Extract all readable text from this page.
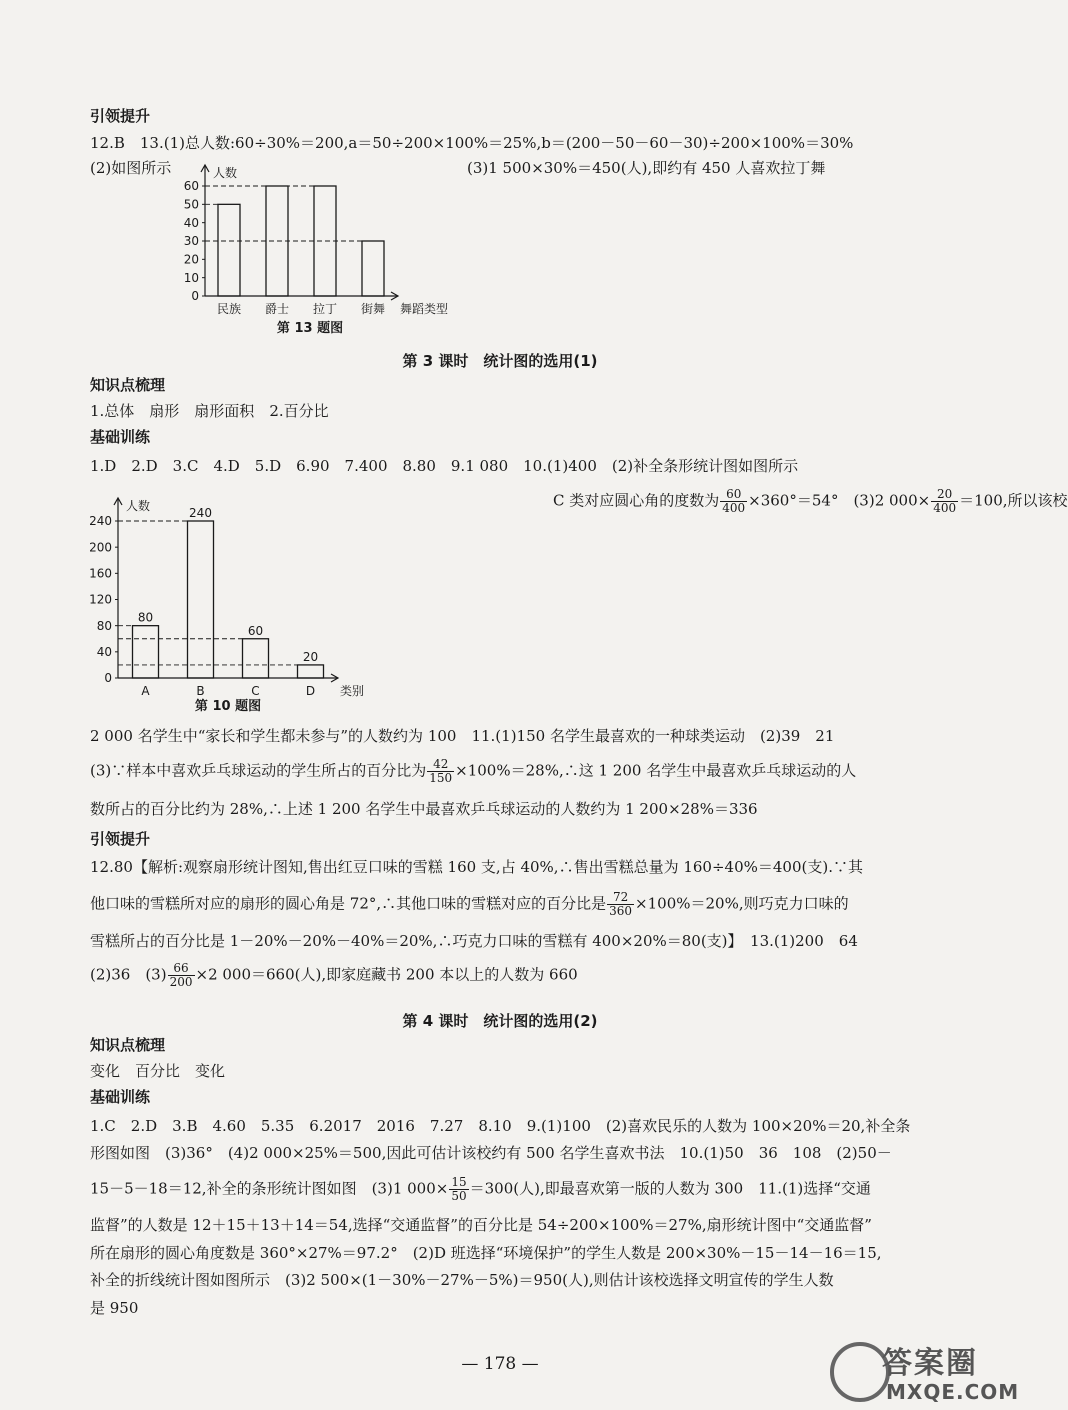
引领提升
12.B　13.(1)总人数:60÷30%＝200,a＝50÷200×100%＝25%,b＝(200－50－60－30)÷200×100%＝30%
(2)如图所示	(3)1 500×30%＝450(人),即约有 450 人喜欢拉丁舞
人数
0
10
20
30
40
50
60
民族 爵士 拉丁 街舞 舞蹈类型
第 13 题图
第 3 课时　统计图的选用(1)
知识点梳理
1.总体　扇形　扇形面积　2.百分比
基础训练
1.D　2.D　3.C　4.D　5.D　6.90　7.400　8.80　9.1 080　10.(1)400　(2)补全条形统计图如图所示
C 类对应圆心角的度数为 $\frac{60}{400} \times 360^\circ=54^\circ$　(3)2 $000\times \frac{20}{400} =100$,所以该校
人数
0
40
80
120
160
200
240
A
80
B
240
C
60
D
20
类别
第 10 题图
2 000 名学生中“家长和学生都未参与”的人数约为 100　11.(1)150 名学生最喜欢的一种球类运动　(2)39　21
(3)∵样本中喜欢乒乓球运动的学生所占的百分比为 $\frac{42}{150}$ ×100%＝28%,∴这 1 200 名学生中最喜欢乒乓球运动的人
数所占的百分比约为 28%,∴上述 1 200 名学生中最喜欢乒乓球运动的人数约为 1 200×28%＝336
引领提升
12.80【解析:观察扇形统计图知,售出红豆口味的雪糕 160 支,占 40%,∴售出雪糕总量为 160÷40%＝400(支).∵其
他口味的雪糕所对应的扇形的圆心角是 72°,∴其他口味的雪糕对应的百分比是 $\frac{72}{360} \times 100\%=20\%$,则巧克力口味的
雪糕所占的百分比是 1－20%－20%－40%＝20%,∴巧克力口味的雪糕有 400×20%＝80(支)】　13.(1)200　64
(2)36　$(3) \frac{66}{200} \times 2$ 000＝660(人),即家庭藏书 200 本以上的人数为 660
第 4 课时　统计图的选用(2)
知识点梳理
变化　百分比　变化
基础训练
1.C　2.D　3.B　4.60　5.35　6.2017　2016　7.27　8.10　9.(1)100　(2)喜欢民乐的人数为 100×20%＝20,补全条
形图如图　(3)36°　(4)2 000×25%＝500,因此可估计该校约有 500 名学生喜欢书法　10.(1)50　36　108　(2)50－
15－5－18＝12,补全的条形统计图如图　(3)1 $000\times \frac{15}{50} =300$(人),即最喜欢第一版的人数为 300　11.(1)选择“交通
监督”的人数是 12＋15＋13＋14＝54,选择“交通监督”的百分比是 54÷200×100%＝27%,扇形统计图中“交通监督”
所在扇形的圆心角度数是 360°×27%＝97.2°　(2)D 班选择“环境保护”的学生人数是 200×30%－15－14－16＝15,
补全的折线统计图如图所示　(3)2 500×(1－30%－27%－5%)＝950(人),则估计该校选择文明宣传的学生人数
是 950
— 178 —	答案圈
MXQE.COM
